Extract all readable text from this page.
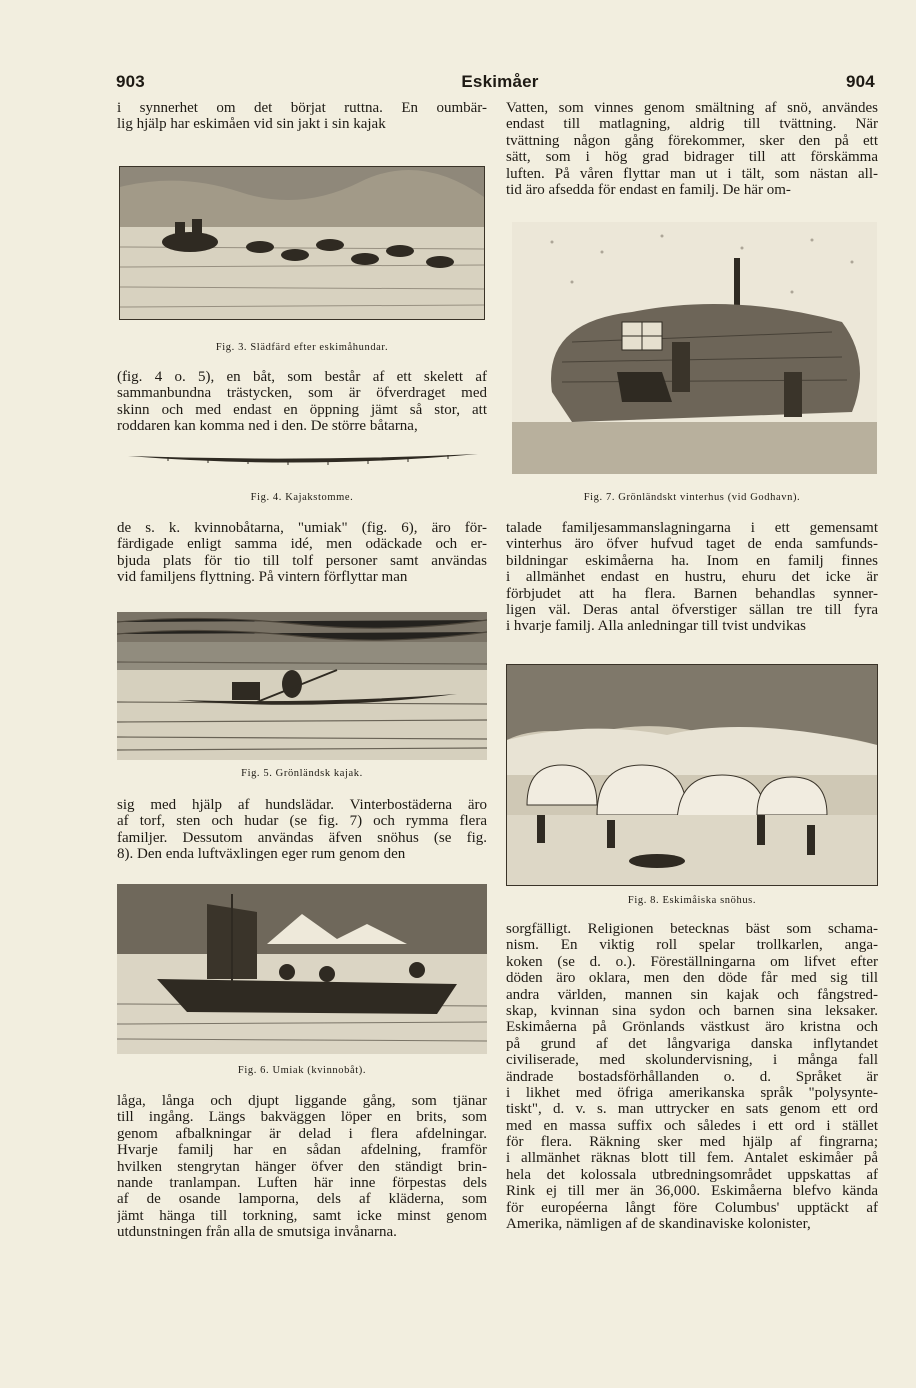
903	Eskimåer	904
i synnerhet om det börjat ruttna. En oumbär-
lig hjälp har eskimåen vid sin jakt i sin kajak
Fig. 3. Slädfärd efter eskimåhundar.
(fig. 4 o. 5), en båt, som består af ett skelett af
sammanbundna trästycken, som är öfverdraget med
skinn och med endast en öppning jämt så stor, att
roddaren kan komma ned i den. De större båtarna,
Fig. 4. Kajakstomme.
de s. k. kvinnobåtarna, "umiak" (fig. 6), äro för-
färdigade enligt samma idé, men odäckade och er-
bjuda plats för tio till tolf personer samt användas
vid familjens flyttning. På vintern förflyttar man
Fig. 5. Grönländsk kajak.
sig med hjälp af hundslädar. Vinterbostäderna äro
af torf, sten och hudar (se fig. 7) och rymma flera
familjer. Dessutom användas äfven snöhus (se fig.
8). Den enda luftväxlingen eger rum genom den
Fig. 6. Umiak (kvinnobåt).
låga, långa och djupt liggande gång, som tjänar
till ingång. Längs bakväggen löper en brits, som
genom afbalkningar är delad i flera afdelningar.
Hvarje familj har en sådan afdelning, framför
hvilken stengrytan hänger öfver den ständigt brin-
nande tranlampan. Luften här inne förpestas dels
af de osande lamporna, dels af kläderna, som
jämt hänga till torkning, samt icke minst genom
utdunstningen från alla de smutsiga invånarna.
Vatten, som vinnes genom smältning af snö, användes
endast till matlagning, aldrig till tvättning. När
tvättning någon gång förekommer, sker den på ett
sätt, som i hög grad bidrager till att förskämma
luften. På våren flyttar man ut i tält, som nästan all-
tid äro afsedda för endast en familj. De här om-
Fig. 7. Grönländskt vinterhus (vid Godhavn).
talade familjesammanslagningarna i ett gemensamt
vinterhus äro öfver hufvud taget de enda samfunds-
bildningar eskimåerna ha. Inom en familj finnes
i allmänhet endast en hustru, ehuru det icke är
förbjudet att ha flera. Barnen behandlas synner-
ligen väl. Deras antal öfverstiger sällan tre till fyra
i hvarje familj. Alla anledningar till tvist undvikas
Fig. 8. Eskimåiska snöhus.
sorgfälligt. Religionen betecknas bäst som schama-
nism. En viktig roll spelar trollkarlen, anga-
koken (se d. o.). Föreställningarna om lifvet efter
döden äro oklara, men den döde får med sig till
andra världen, mannen sin kajak och fångstred-
skap, kvinnan sina sydon och barnen sina leksaker.
Eskimåerna på Grönlands västkust äro kristna och
på grund af det långvariga danska inflytandet
civiliserade, med skolundervisning, i många fall
ändrade bostadsförhållanden o. d. Språket är
i likhet med öfriga amerikanska språk "polysynte-
tiskt", d. v. s. man uttrycker en sats genom ett ord
med en massa suffix och således i ett ord i stället
för flera. Räkning sker med hjälp af fingrarna;
i allmänhet räknas blott till fem. Antalet eskimåer på
hela det kolossala utbredningsområdet uppskattas af
Rink ej till mer än 36,000. Eskimåerna blefvo kända
för européerna långt före Columbus' upptäckt af
Amerika, nämligen af de skandinaviske kolonister,
